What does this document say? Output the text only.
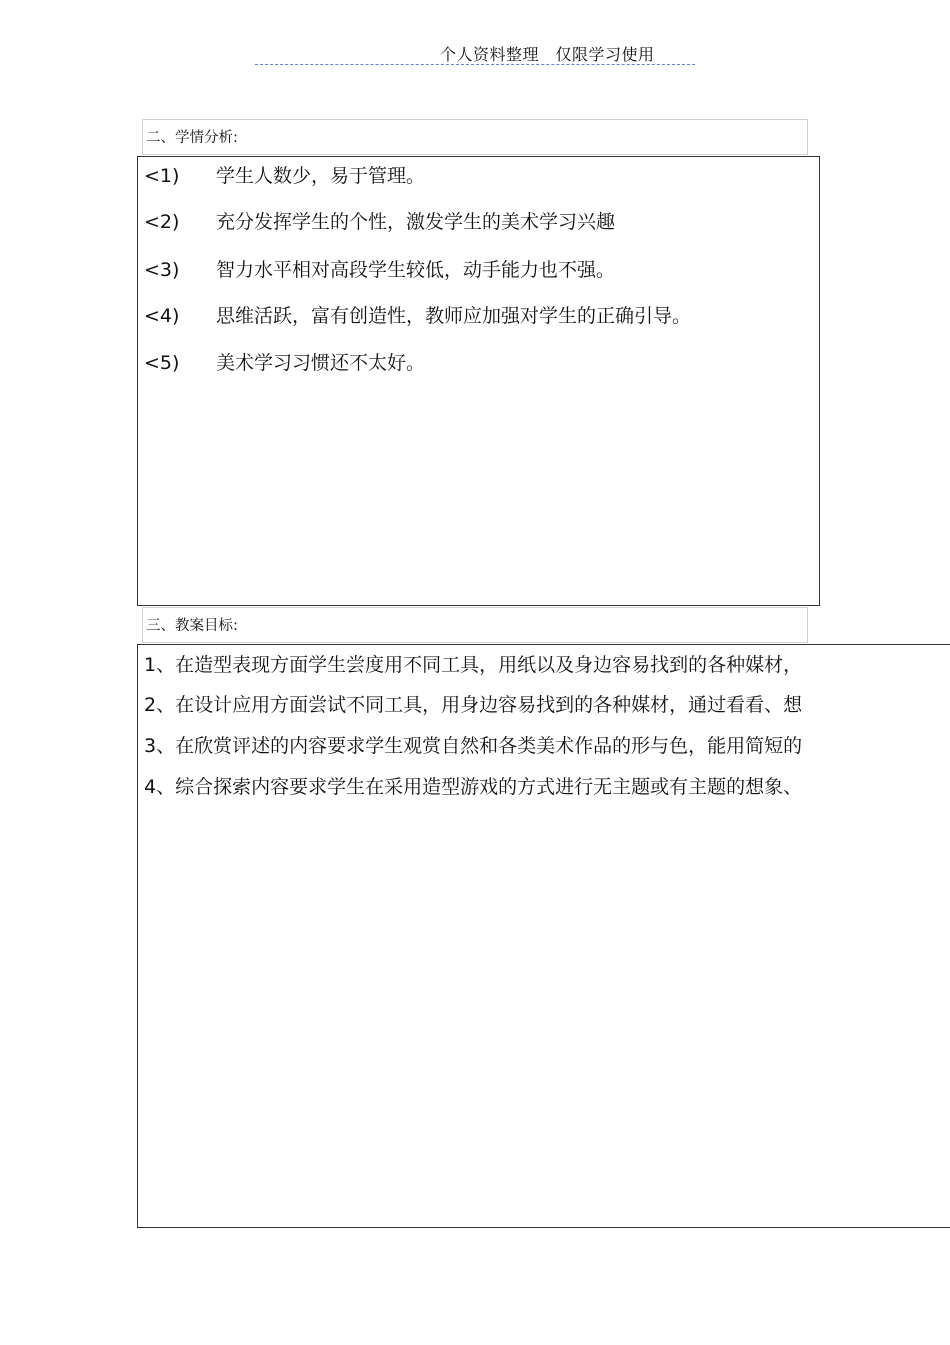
个人资料整理　仅限学习使用
二、学情分析:
<1) 学生人数少，易于管理。
<2) 充分发挥学生的个性，激发学生的美术学习兴趣
<3) 智力水平相对高段学生较低，动手能力也不强。
<4) 思维活跃，富有创造性，教师应加强对学生的正确引导。
<5) 美术学习习惯还不太好。
三、教案目标:
1、在造型表现方面学生尝度用不同工具，用纸以及身边容易找到的各种媒材，
2、在设计应用方面尝试不同工具，用身边容易找到的各种媒材，通过看看、想
3、在欣赏评述的内容要求学生观赏自然和各类美术作品的形与色，能用简短的
4、综合探索内容要求学生在采用造型游戏的方式进行无主题或有主题的想象、
